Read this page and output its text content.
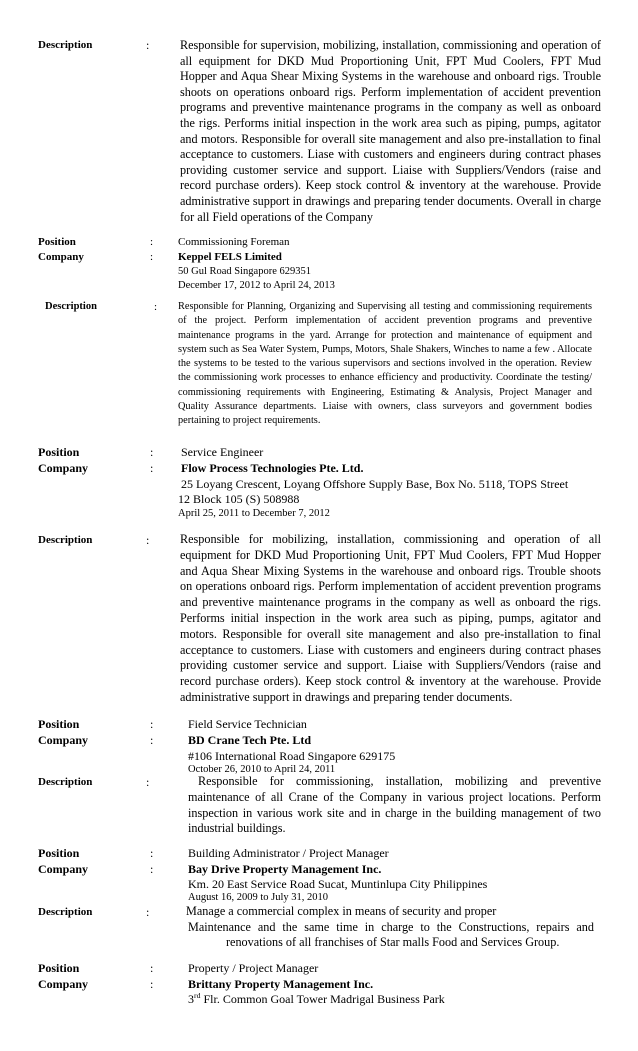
Description	:	Responsible for supervision, mobilizing, installation, commissioning and operation of all equipment for DKD Mud Proportioning Unit, FPT Mud Coolers, FPT Mud Hopper and Aqua Shear Mixing Systems in the warehouse and onboard rigs. Trouble shoots on operations onboard rigs. Perform implementation of accident prevention programs and preventive maintenance programs in the company as well as onboard the rigs. Performs initial inspection in the work area such as piping, pumps, agitator and motors. Responsible for overall site management and also pre-installation to final acceptance to customers. Liase with customers and engineers during contract phases providing customer service and support. Liaise with Suppliers/Vendors (raise and record purchase orders). Keep stock control & inventory at the warehouse. Provide administrative support in drawings and preparing tender documents. Overall in charge for all Field operations of the Company
Position	: Commissioning Foreman
Company	: Keppel FELS Limited
50 Gul Road Singapore 629351
December 17, 2012 to April 24, 2013
Description	: Responsible for Planning, Organizing and Supervising all testing and commissioning requirements of the project. Perform implementation of accident prevention programs and preventive maintenance programs in the yard. Arrange for protection and maintenance of equipment and system such as Sea Water System, Pumps, Motors, Shale Shakers, Winches to name a few . Allocate the systems to be tested to the various supervisors and sections involved in the operation. Review the commissioning work processes to enhance efficiency and productivity. Coordinate the testing/ commissioning requirements with Engineering, Estimating & Analysis, Project Manager and Quality Assurance departments. Liaise with owners, class surveyors and government bodies pertaining to project requirements.
Position	: Service Engineer
Company	: Flow Process Technologies Pte. Ltd.
25 Loyang Crescent, Loyang Offshore Supply Base, Box No. 5118, TOPS Street
12 Block 105 (S) 508988
April 25, 2011 to December 7, 2012
Description	:	Responsible for mobilizing, installation, commissioning and operation of all equipment for DKD Mud Proportioning Unit, FPT Mud Coolers, FPT Mud Hopper and Aqua Shear Mixing Systems in the warehouse and onboard rigs. Trouble shoots on operations onboard rigs. Perform implementation of accident prevention programs and preventive maintenance programs in the company as well as onboard the rigs. Performs initial inspection in the work area such as piping, pumps, agitator and motors. Responsible for overall site management and also pre-installation to final acceptance to customers. Liase with customers and engineers during contract phases providing customer service and support. Liaise with Suppliers/Vendors (raise and record purchase orders). Keep stock control & inventory at the warehouse. Provide administrative support in drawings and preparing tender documents.
Position	:	Field Service Technician
Company	:	BD Crane Tech Pte. Ltd
#106 International Road Singapore 629175
October 26, 2010 to April 24, 2011
Description	:	Responsible for commissioning, installation, mobilizing and preventive maintenance of all Crane of the Company in various project locations. Perform inspection in various work site and in charge in the building management of two industrial buildings.
Position	:	Building Administrator / Project Manager
Company	:	Bay Drive Property Management Inc.
Km. 20 East Service Road Sucat, Muntinlupa City Philippines
August 16, 2009 to July 31, 2010
Description	:	Manage a commercial complex in means of security and proper
Maintenance and the same time in charge to the Constructions, repairs and
renovations of all franchises of Star malls Food and Services Group.
Position	:	Property / Project Manager
Company	:	Brittany Property Management Inc.
3rd Flr. Common Goal Tower Madrigal Business Park
